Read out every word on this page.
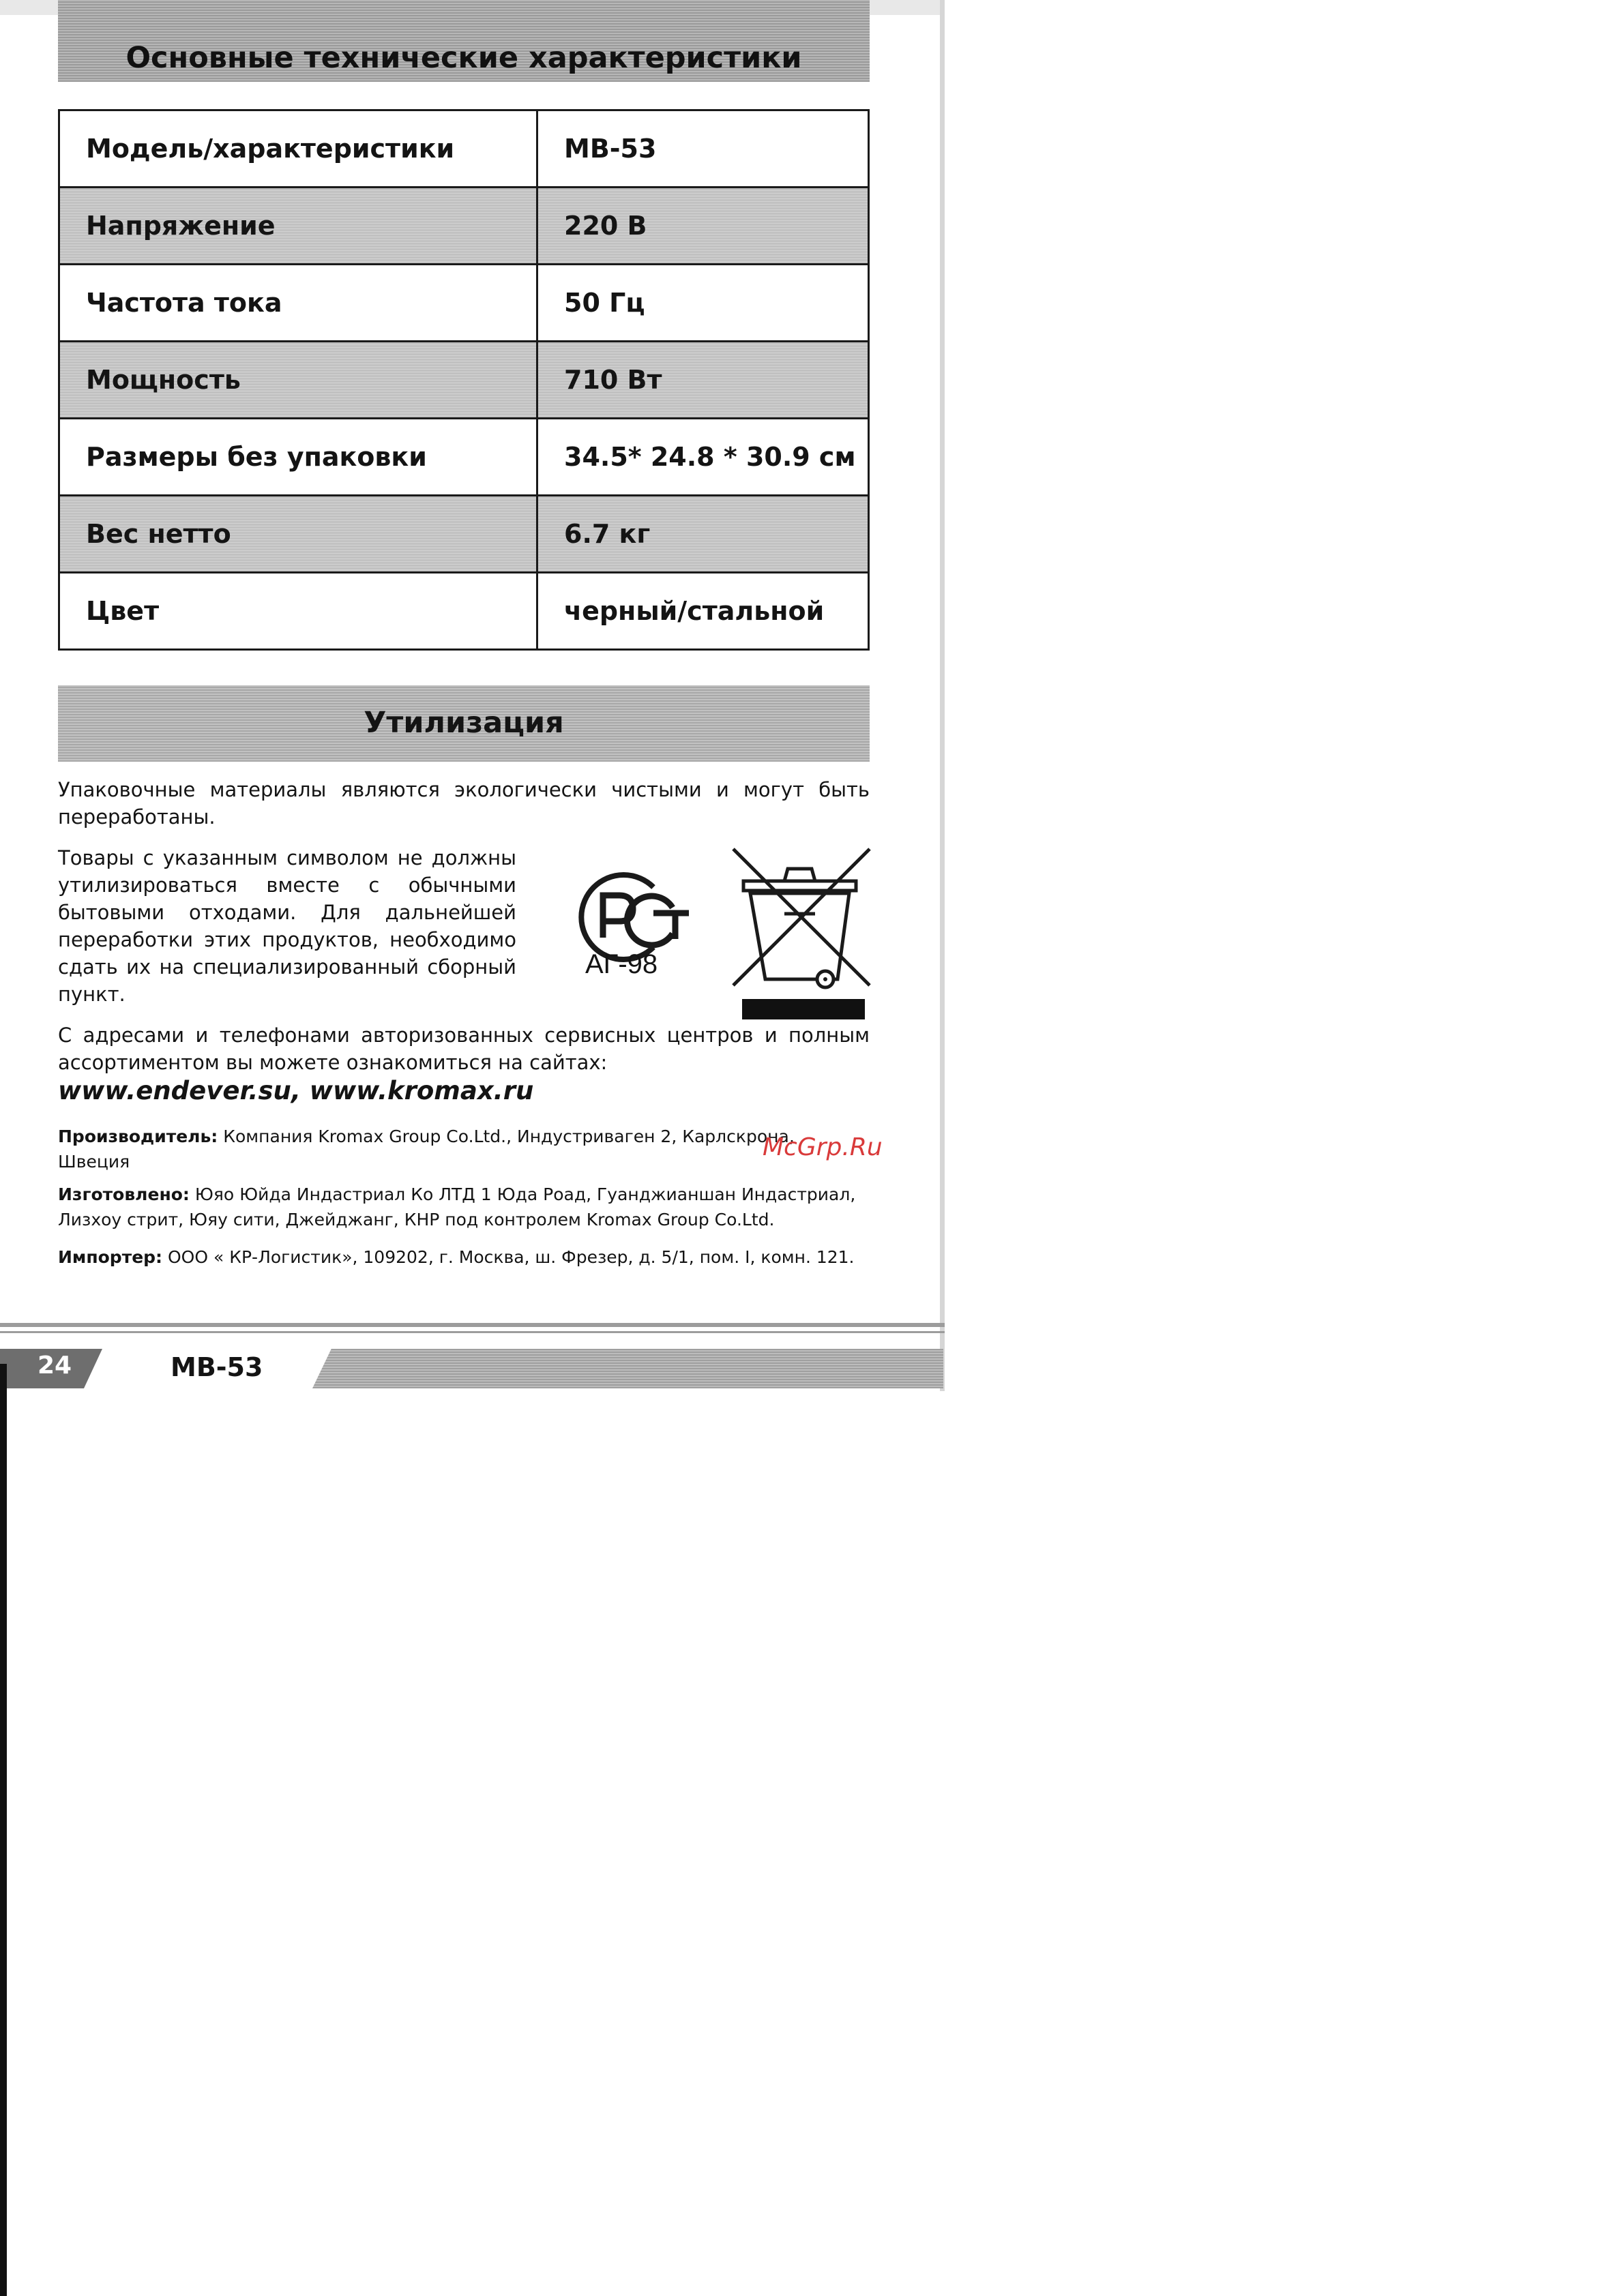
Основные технические характеристики
Модель/характеристики	MB-53
Напряжение	220 В
Частота тока	50 Гц
Мощность	710 Вт
Размеры без упаковки	34.5* 24.8 * 30.9 см
Вес нетто	6.7 кг
Цвет	черный/стальной
Утилизация
Упаковочные материалы являются экологически чистыми и могут быть переработаны.
Товары с указанным символом не должны утилизироваться вместе с обычными бытовыми отходами. Для дальнейшей переработки этих продуктов, необходимо сдать их на специализированный сборный пункт.
АГ-98
С адресами и телефонами авторизованных сервисных центров и полным ассортиментом вы можете ознакомиться на сайтах:
www.endever.su, www.kromax.ru
Производитель: Компания Kromax Group Co.Ltd., Индустриваген 2, Карлскрона, Швеция
Изготовлено: Юяо Юйда Индастриал Ко ЛТД 1 Юда Роад, Гуанджианшан Индастриал, Лизхоу стрит, Юяу сити, Джейджанг, КНР под контролем Kromax Group Co.Ltd.
Импортер: ООО « КР-Логистик», 109202, г. Москва, ш. Фрезер, д. 5/1, пом. I, комн. 121.
McGrp.Ru
24	MB-53
